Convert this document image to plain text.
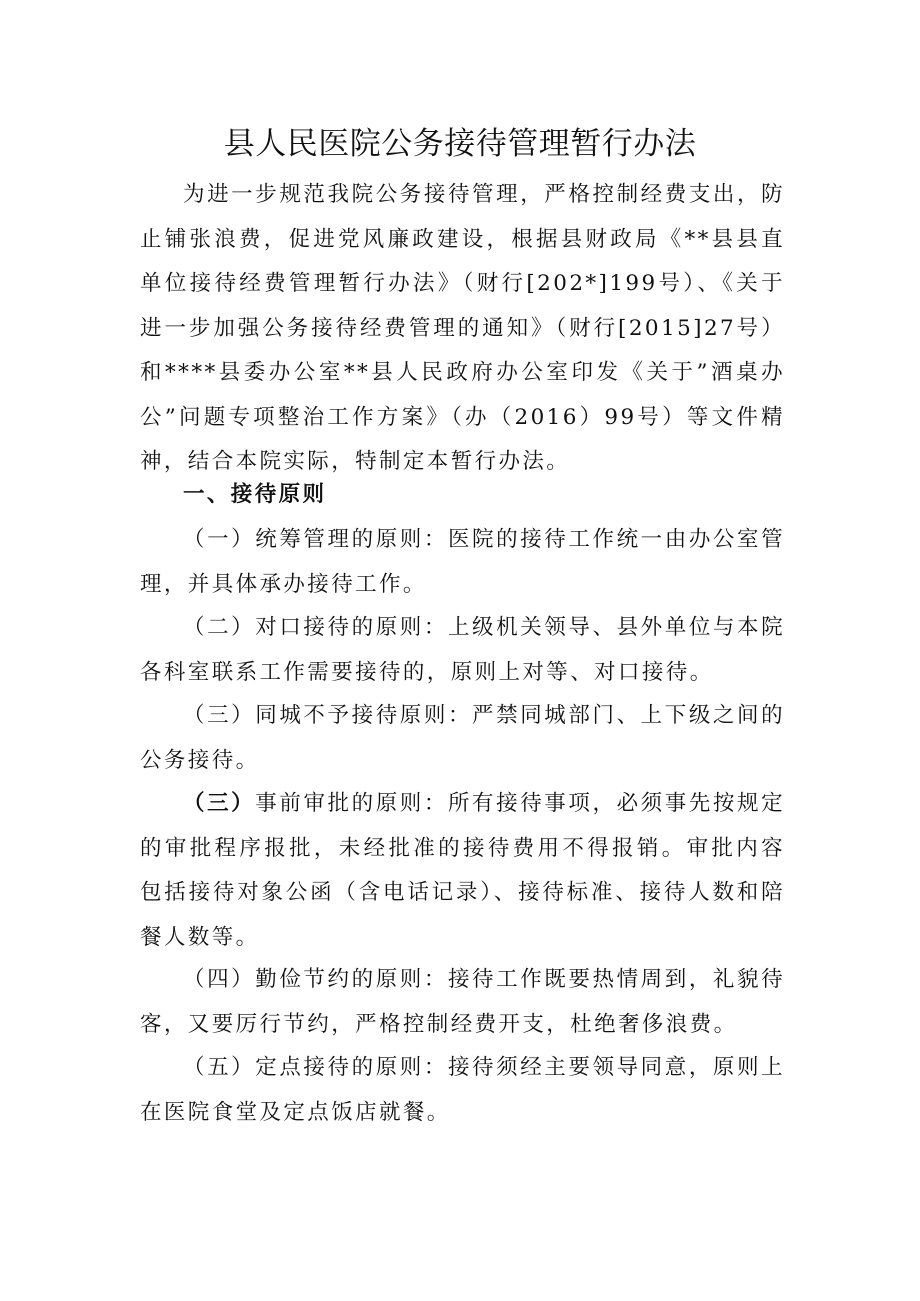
县人民医院公务接待管理暂行办法

为进一步规范我院公务接待管理，严格控制经费支出，防止铺张浪费，促进党风廉政建设，根据县财政局《**县县直单位接待经费管理暂行办法》（财行[202*]199号）、《关于进一步加强公务接待经费管理的通知》（财行[2015]27号）和****县委办公室**县人民政府办公室印发《关于”酒桌办公”问题专项整治工作方案》（办（2016）99号）等文件精神，结合本院实际，特制定本暂行办法。

一、接待原则

（一）统筹管理的原则：医院的接待工作统一由办公室管理，并具体承办接待工作。

（二）对口接待的原则：上级机关领导、县外单位与本院各科室联系工作需要接待的，原则上对等、对口接待。

（三）同城不予接待原则：严禁同城部门、上下级之间的公务接待。

（三）事前审批的原则：所有接待事项，必须事先按规定的审批程序报批，未经批准的接待费用不得报销。审批内容包括接待对象公函（含电话记录）、接待标准、接待人数和陪餐人数等。

（四）勤俭节约的原则：接待工作既要热情周到，礼貌待客，又要厉行节约，严格控制经费开支，杜绝奢侈浪费。

（五）定点接待的原则：接待须经主要领导同意，原则上在医院食堂及定点饭店就餐。
